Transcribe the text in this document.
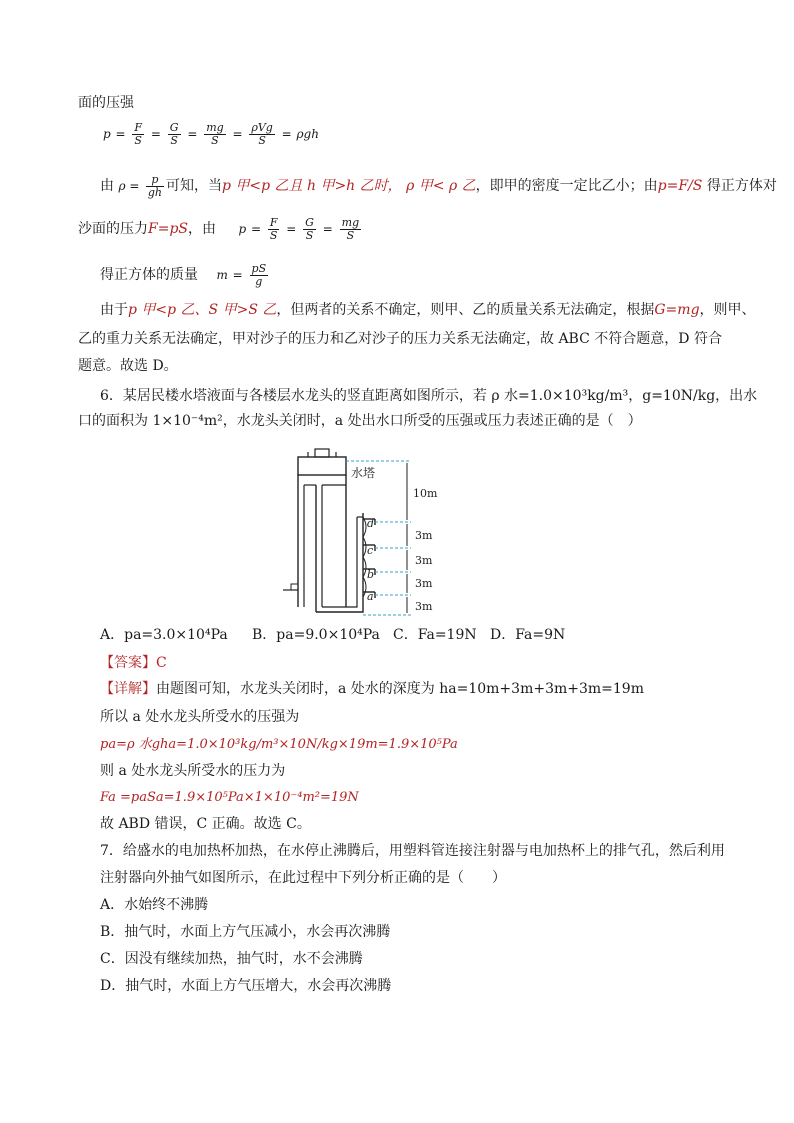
面的压强
$p = \frac{F}{S} = \frac{G}{S} = \frac{mg}{S} = \frac{\text{ρVg}}{S} = \rho gh$
由 $\rho = \frac{p}{gh}$ 可知，当p 甲<p 乙且 h 甲>h 乙时， ρ 甲< ρ 乙，即甲的密度一定比乙小；由p=F/S 得正方体对
沙面的压力F=pS，由 $p = \frac{F}{S} = \frac{G}{S} = \frac{mg}{S}$
得正方体的质量 $m = \frac{pS}{g}$
由于p 甲<p 乙、S 甲>S 乙，但两者的关系不确定，则甲、乙的质量关系无法确定，根据G=mg，则甲、
乙的重力关系无法确定，甲对沙子的压力和乙对沙子的压力关系无法确定，故 ABC 不符合题意，D 符合
题意。故选 D。
6．某居民楼水塔液面与各楼层水龙头的竖直距离如图所示，若 ρ 水=1.0×10³kg/m³，g=10N/kg，出水
口的面积为 1×10⁻⁴m²，水龙头关闭时，a 处出水口所受的压强或压力表述正确的是（　）
水塔
10m
3m
3m
3m
3m
d
c
b
a
A．pa=3.0×10⁴Pa B．pa=9.0×10⁴Pa C．Fa=19N D．Fa=9N
【答案】C
【详解】由题图可知，水龙头关闭时，a 处水的深度为 ha=10m+3m+3m+3m=19m
所以 a 处水龙头所受水的压强为
pa=ρ 水gha=1.0×10³kg/m³×10N/kg×19m=1.9×10⁵Pa
则 a 处水龙头所受水的压力为
Fa =paSa=1.9×10⁵Pa×1×10⁻⁴m²=19N
故 ABD 错误，C 正确。故选 C。
7．给盛水的电加热杯加热，在水停止沸腾后，用塑料管连接注射器与电加热杯上的排气孔，然后利用
注射器向外抽气如图所示，在此过程中下列分析正确的是（　　）
A．水始终不沸腾
B．抽气时，水面上方气压减小，水会再次沸腾
C．因没有继续加热，抽气时，水不会沸腾
D．抽气时，水面上方气压增大，水会再次沸腾
